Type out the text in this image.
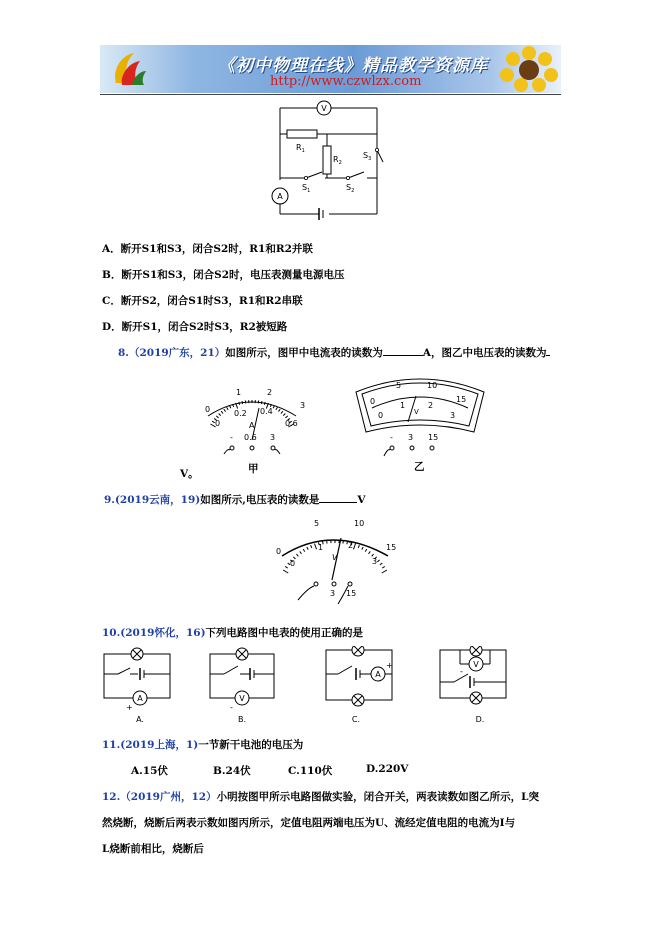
《初中物理在线》精品教学资源库
http://www.czwlzx.com
V
A
$R_1$
$R_2$
$S_1$	$S_2$
$S_3$
A．断开S1和S3，闭合S2时，R1和R2并联
B．断开S1和S3，闭合S2时，电压表测量电源电压
C．断开S2，闭合S1时S3，R1和R2串联
D．断开S1，闭合S2时S3，R2被短路
8.（2019广东，21）如图所示，图甲中电流表的读数为	A，图乙中电压表的读数为
0
1	2
3
0
0.2 0.4
0.6
A
- 0.6 3
甲
V。
0
5	10
15
0
1	2
3
V
- 3 15
乙
9.(2019云南，19)如图所示,电压表的读数是	V
5	10
15
0
0
1	2
3
V
3 15
10.(2019怀化，16)下列电路图中电表的使用正确的是
A	V
A
V
+	-
+
-
A.	B.	C.	D.
11.(2019上海，1)一节新干电池的电压为
A.15伏	B.24伏	C.110伏	D.220V
12.（2019广州，12）小明按图甲所示电路图做实验，闭合开关，两表读数如图乙所示，L突
然烧断，烧断后两表示数如图丙所示，定值电阻两端电压为U、流经定值电阻的电流为I与
L烧断前相比，烧断后
